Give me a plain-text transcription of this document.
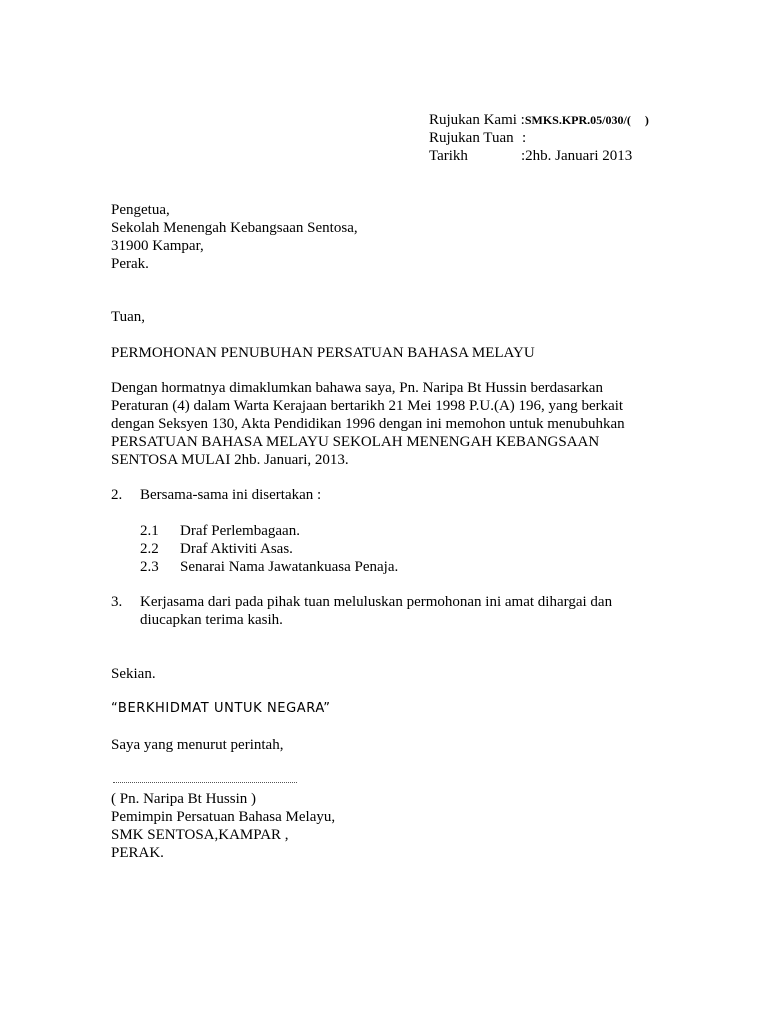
Rujukan Kami :SMKS.KPR.05/030/( )
Rujukan Tuan :
Tarikh	:2hb. Januari 2013
Pengetua,
Sekolah Menengah Kebangsaan Sentosa,
31900 Kampar,
Perak.
Tuan,
PERMOHONAN PENUBUHAN PERSATUAN BAHASA MELAYU
Dengan hormatnya dimaklumkan bahawa saya, Pn. Naripa Bt Hussin berdasarkan
Peraturan (4) dalam Warta Kerajaan bertarikh 21 Mei 1998 P.U.(A) 196, yang berkait
dengan Seksyen 130, Akta Pendidikan 1996 dengan ini memohon untuk menubuhkan
PERSATUAN BAHASA MELAYU SEKOLAH MENENGAH KEBANGSAAN
SENTOSA MULAI 2hb. Januari, 2013.
2. Bersama-sama ini disertakan :
2.1 Draf Perlembagaan.
2.2 Draf Aktiviti Asas.
2.3 Senarai Nama Jawatankuasa Penaja.
3. Kerjasama dari pada pihak tuan meluluskan permohonan ini amat dihargai dan
diucapkan terima kasih.
Sekian.
“BERKHIDMAT UNTUK NEGARA”
Saya yang menurut perintah,
( Pn. Naripa Bt Hussin )
Pemimpin Persatuan Bahasa Melayu,
SMK SENTOSA,KAMPAR ,
PERAK.
